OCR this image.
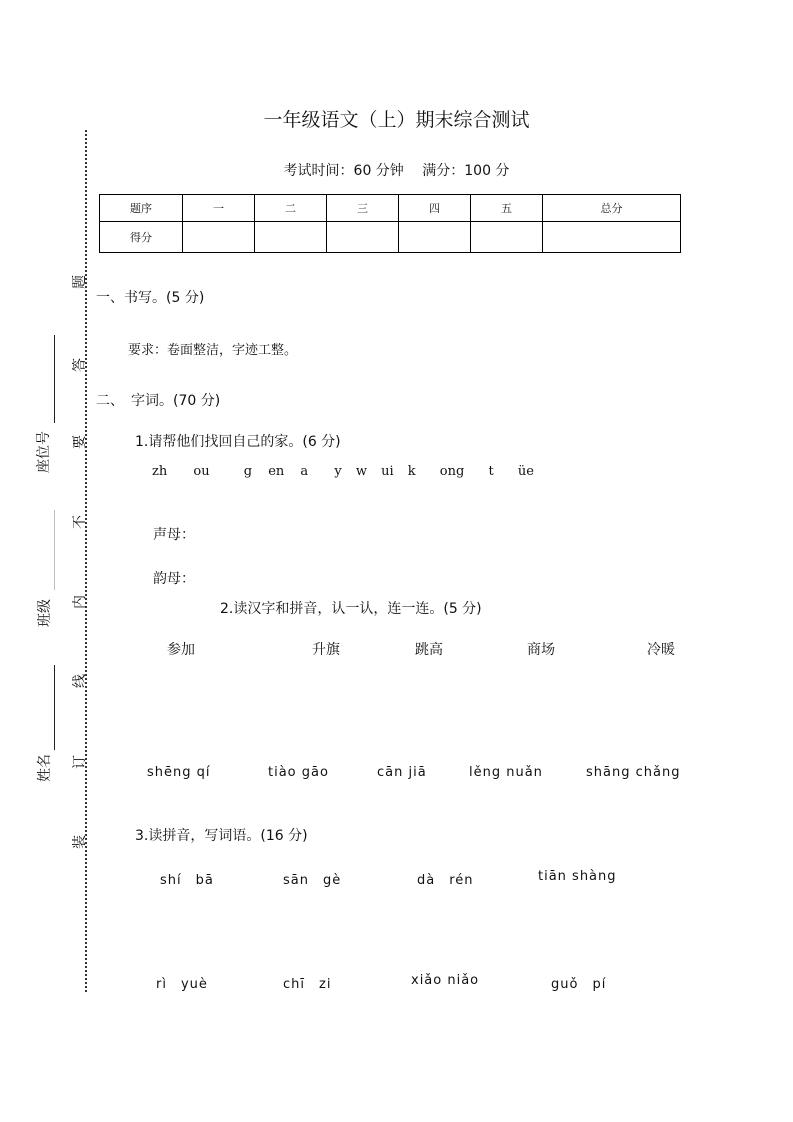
一年级语文（上）期末综合测试
考试时间：60 分钟　 满分：100 分
题序	一	二	三	四	五	总分
得分						
座位号
班级
姓名
题
答
要
不
内
线
订
装
一、书写。(5 分)
要求：卷面整洁，字迹工整。
二、　字词。(70 分)
1.请帮他们找回自己的家。(6 分)
zh ou	g en a y w ui k ong t üe
声母：
韵母：
2.读汉字和拼音，认一认，连一连。(5 分)
参加	升旗	跳高	商场	冷暖
shēng qí	tiào gāo	cān jiā	lěng nuǎn	shāng chǎng
3.读拼音，写词语。(16 分)
shí　bā	sān　gè	dà　rén	tiān shàng
rì　yuè	chī　zi	xiǎo niǎo	guǒ　pí
